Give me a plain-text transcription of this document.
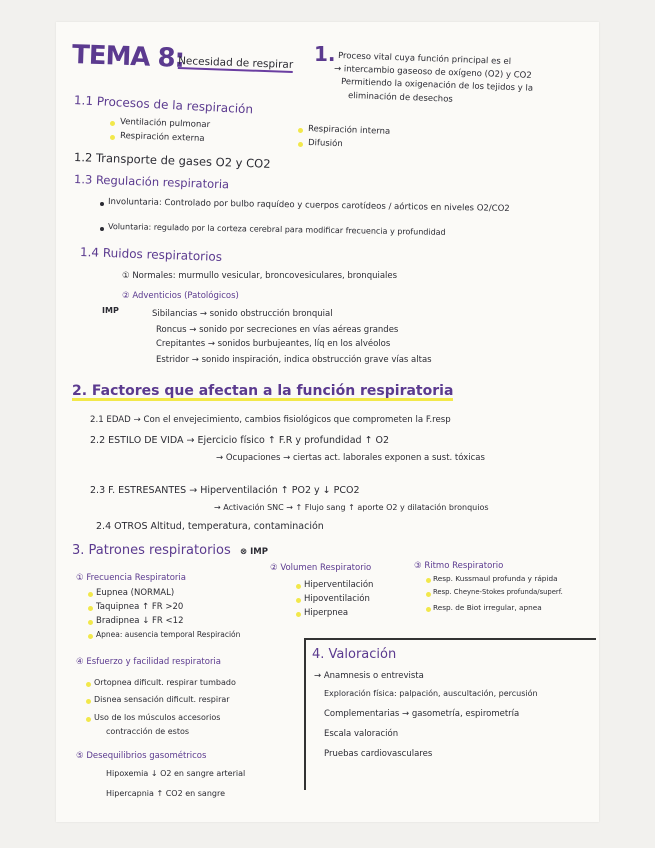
TEMA 8:
Necesidad de respirar 1. Proceso vital cuya función principal es el
→ intercambio gaseoso de oxígeno (O2) y CO2
Permitiendo la oxigenación de los tejidos y la
eliminación de desechos
1.1 Procesos de la respiración
Ventilación pulmonar
Respiración externa
Respiración interna
Difusión
1.2 Transporte de gases O2 y CO2
1.3 Regulación respiratoria
Involuntaria: Controlado por bulbo raquídeo y cuerpos carotídeos / aórticos en niveles O2/CO2
Voluntaria: regulado por la corteza cerebral para modificar frecuencia y profundidad
1.4 Ruidos respiratorios
① Normales: murmullo vesicular, broncovesiculares, bronquiales
IMP
② Adventicios (Patológicos)
Sibilancias → sonido obstrucción bronquial
Roncus → sonido por secreciones en vías aéreas grandes
Crepitantes → sonidos burbujeantes, líq en los alvéolos
Estridor → sonido inspiración, indica obstrucción grave vías altas
2. Factores que afectan a la función respiratoria
2.1 EDAD → Con el envejecimiento, cambios fisiológicos que comprometen la F.resp
2.2 ESTILO DE VIDA → Ejercicio físico ↑ F.R y profundidad ↑ O2
→ Ocupaciones → ciertas act. laborales exponen a sust. tóxicas
2.3 F. ESTRESANTES → Hiperventilación ↑ PO2 y ↓ PCO2
→ Activación SNC → ↑ Flujo sang ↑ aporte O2 y dilatación bronquios
2.4 OTROS Altitud, temperatura, contaminación
3. Patrones respiratorios ⊗ IMP
① Frecuencia Respiratoria
Eupnea (NORMAL)
Taquipnea ↑ FR >20
Bradipnea ↓ FR <12
Apnea: ausencia temporal Respiración
② Volumen Respiratorio
Hiperventilación
Hipoventilación
Hiperpnea
③ Ritmo Respiratorio
Resp. Kussmaul profunda y rápida
Resp. Cheyne-Stokes profunda/superf.
Resp. de Biot irregular, apnea
④ Esfuerzo y facilidad respiratoria
Ortopnea dificult. respirar tumbado
Disnea sensación dificult. respirar
Uso de los músculos accesorios
contracción de estos
⑤ Desequilibrios gasométricos
Hipoxemia ↓ O2 en sangre arterial
Hipercapnia ↑ CO2 en sangre
4. Valoración
→ Anamnesis o entrevista
Exploración física: palpación, auscultación, percusión
Complementarias → gasometría, espirometría
Escala valoración
Pruebas cardiovasculares
